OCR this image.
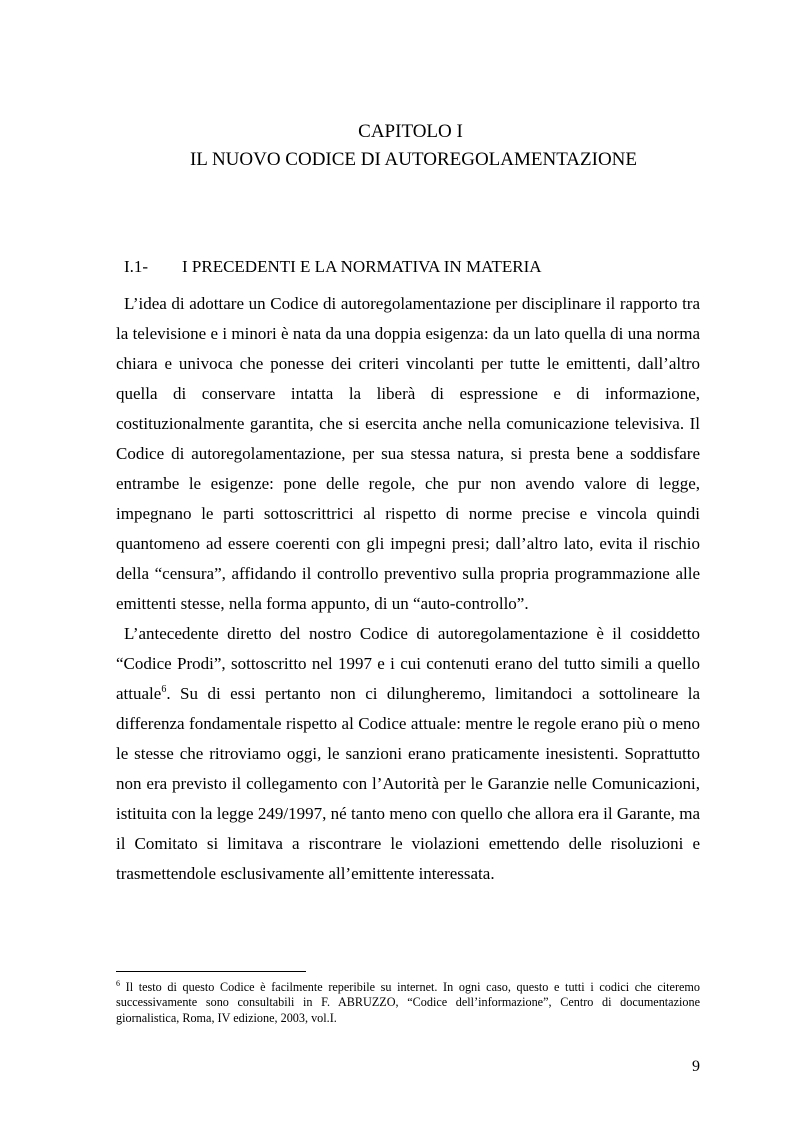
CAPITOLO I
IL NUOVO CODICE DI AUTOREGOLAMENTAZIONE
I.1- I PRECEDENTI E LA NORMATIVA IN MATERIA

L’idea di adottare un Codice di autoregolamentazione per disciplinare il rapporto tra la televisione e i minori è nata da una doppia esigenza: da un lato quella di una norma chiara e univoca che ponesse dei criteri vincolanti per tutte le emittenti, dall’altro quella di conservare intatta la liberà di espressione e di informazione, costituzionalmente garantita, che si esercita anche nella comunicazione televisiva. Il Codice di autoregolamentazione, per sua stessa natura, si presta bene a soddisfare entrambe le esigenze: pone delle regole, che pur non avendo valore di legge, impegnano le parti sottoscrittrici al rispetto di norme precise e vincola quindi quantomeno ad essere coerenti con gli impegni presi; dall’altro lato, evita il rischio della “censura”, affidando il controllo preventivo sulla propria programmazione alle emittenti stesse, nella forma appunto, di un “auto-controllo”.

L’antecedente diretto del nostro Codice di autoregolamentazione è il cosiddetto “Codice Prodi”, sottoscritto nel 1997 e i cui contenuti erano del tutto simili a quello attuale$^6$. Su di essi pertanto non ci dilungheremo, limitandoci a sottolineare la differenza fondamentale rispetto al Codice attuale: mentre le regole erano più o meno le stesse che ritroviamo oggi, le sanzioni erano praticamente inesistenti. Soprattutto non era previsto il collegamento con l’Autorità per le Garanzie nelle Comunicazioni, istituita con la legge 249/1997, né tanto meno con quello che allora era il Garante, ma il Comitato si limitava a riscontrare le violazioni emettendo delle risoluzioni e trasmettendole esclusivamente all’emittente interessata.

$^6$ Il testo di questo Codice è facilmente reperibile su internet. In ogni caso, questo e tutti i codici che citeremo successivamente sono consultabili in F. ABRUZZO, “Codice dell’informazione”, Centro di documentazione giornalistica, Roma, IV edizione, 2003, vol.I.
9
